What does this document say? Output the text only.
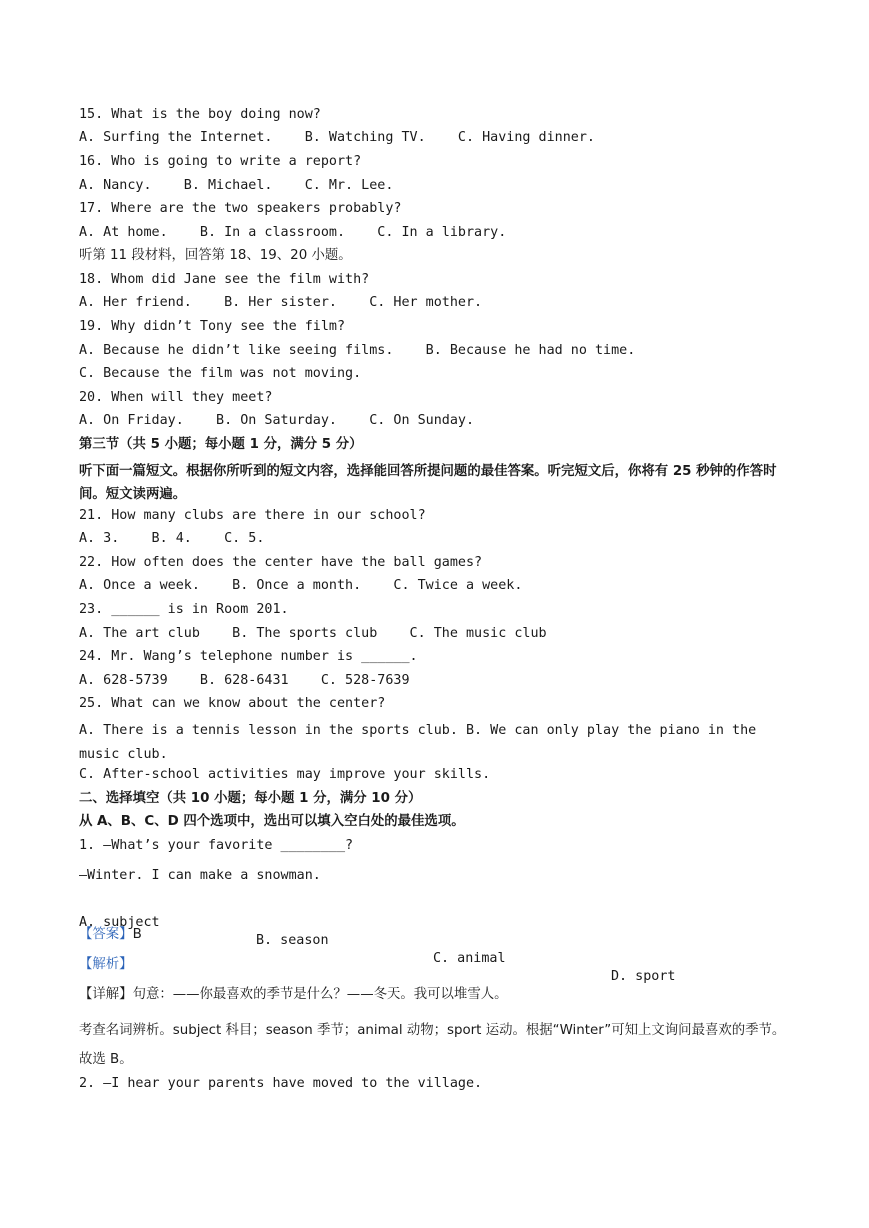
15. What is the boy doing now?
A. Surfing the Internet.    B. Watching TV.    C. Having dinner.
16. Who is going to write a report?
A. Nancy.    B. Michael.    C. Mr. Lee.
17. Where are the two speakers probably?
A. At home.    B. In a classroom.    C. In a library.
听第 11 段材料，回答第 18、19、20 小题。
18. Whom did Jane see the film with?
A. Her friend.    B. Her sister.    C. Her mother.
19. Why didn’t Tony see the film?
A. Because he didn’t like seeing films.    B. Because he had no time.
C. Because the film was not moving.
20. When will they meet?
A. On Friday.    B. On Saturday.    C. On Sunday.
第三节（共 5 小题；每小题 1 分，满分 5 分）
听下面一篇短文。根据你所听到的短文内容，选择能回答所提问题的最佳答案。听完短文后，你将有 25 秒钟的作答时间。短文读两遍。
21. How many clubs are there in our school?
A. 3.    B. 4.    C. 5.
22. How often does the center have the ball games?
A. Once a week.    B. Once a month.    C. Twice a week.
23. ______ is in Room 201.
A. The art club    B. The sports club    C. The music club
24. Mr. Wang’s telephone number is ______.
A. 628-5739    B. 628-6431    C. 528-7639
25. What can we know about the center?
A. There is a tennis lesson in the sports club. B. We can only play the piano in the music club.
C. After-school activities may improve your skills.
二、选择填空（共 10 小题；每小题 1 分，满分 10 分）
从 A、B、C、D 四个选项中，选出可以填入空白处的最佳选项。
1. —What’s your favorite ________?
—Winter. I can make a snowman.

A. subject

B. season

C. animal

D. sport

【答案】B
【解析】
【详解】句意：——你最喜欢的季节是什么？——冬天。我可以堆雪人。
考查名词辨析。subject 科目；season 季节；animal 动物；sport 运动。根据“Winter”可知上文询问最喜欢的季节。故选 B。
2. —I hear your parents have moved to the village.
